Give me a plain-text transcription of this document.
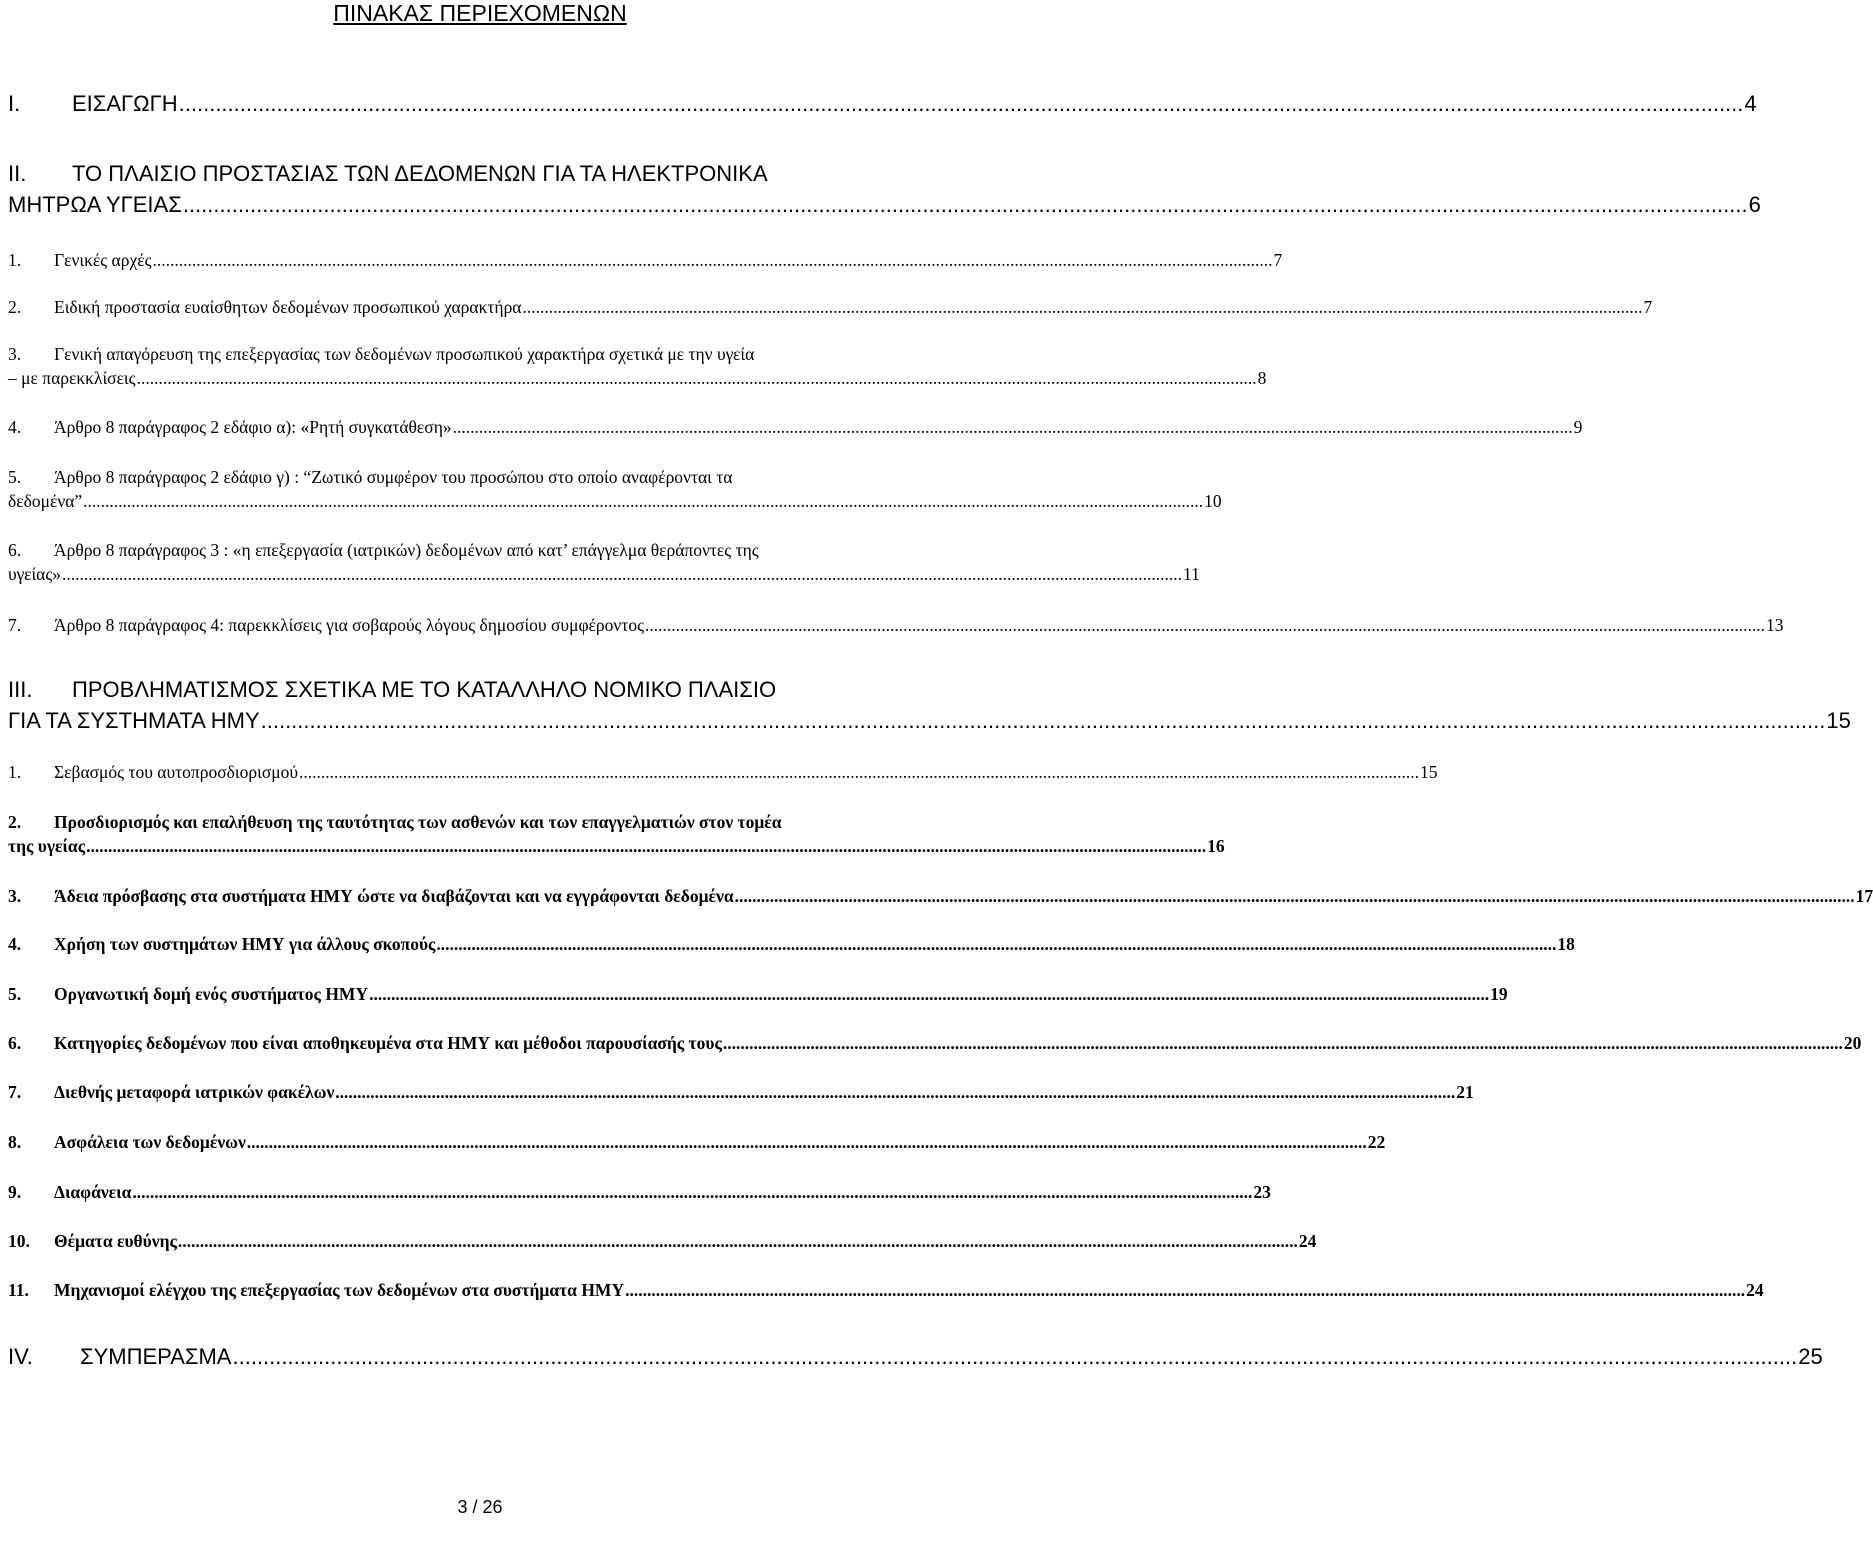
ΠΙΝΑΚΑΣ ΠΕΡΙΕΧΟΜΕΝΩΝ
I.	ΕΙΣΑΓΩΓΗ .....	4
II. ΤΟ ΠΛΑΙΣΙΟ ΠΡΟΣΤΑΣΙΑΣ ΤΩΝ ΔΕΔΟΜΕΝΩΝ ΓΙΑ ΤΑ ΗΛΕΚΤΡΟΝΙΚΑ
ΜΗΤΡΩΑ ΥΓΕΙΑΣ .....	6
1.	Γενικές αρχές .....	7
2.	Ειδική προστασία ευαίσθητων δεδομένων προσωπικού χαρακτήρα .....	7
3. Γενική απαγόρευση της επεξεργασίας των δεδομένων προσωπικού χαρακτήρα σχετικά με την υγεία
– με παρεκκλίσεις .....	8
4.	Άρθρο 8 παράγραφος 2 εδάφιο α): «Ρητή συγκατάθεση» .....	9
5. Άρθρο 8 παράγραφος 2 εδάφιο γ) : “Ζωτικό συμφέρον του προσώπου στο οποίο αναφέρονται τα
δεδομένα” .....	10
6. Άρθρο 8 παράγραφος 3 : «η επεξεργασία (ιατρικών) δεδομένων από κατ’ επάγγελμα θεράποντες της
υγείας» .....	11
7.	Άρθρο 8 παράγραφος 4: παρεκκλίσεις για σοβαρούς λόγους δημοσίου συμφέροντος .....	13
III. ΠΡΟΒΛΗΜΑΤΙΣΜΟΣ ΣΧΕΤΙΚΑ ΜΕ ΤΟ ΚΑΤΑΛΛΗΛΟ ΝΟΜΙΚΟ ΠΛΑΙΣΙΟ
ΓΙΑ ΤΑ ΣΥΣΤΗΜΑΤΑ ΗΜΥ .....	15
1.	Σεβασμός του αυτοπροσδιορισμού .....	15
2. Προσδιορισμός και επαλήθευση της ταυτότητας των ασθενών και των επαγγελματιών στον τομέα
της υγείας .....	16
3.	Άδεια πρόσβασης στα συστήματα ΗΜΥ ώστε να διαβάζονται και να εγγράφονται δεδομένα .....	17
4.	Χρήση των συστημάτων ΗΜΥ για άλλους σκοπούς .....	18
5.	Οργανωτική δομή ενός συστήματος ΗΜΥ .....	19
6.	Κατηγορίες δεδομένων που είναι αποθηκευμένα στα ΗΜΥ και μέθοδοι παρουσίασής τους .....	20
7.	Διεθνής μεταφορά ιατρικών φακέλων .....	21
8.	Ασφάλεια των δεδομένων .....	22
9.	Διαφάνεια .....	23
10.	Θέματα ευθύνης .....	24
11.	Μηχανισμοί ελέγχου της επεξεργασίας των δεδομένων στα συστήματα ΗΜΥ .....	24
IV.	ΣΥΜΠΕΡΑΣΜΑ .....	25
3 / 26
